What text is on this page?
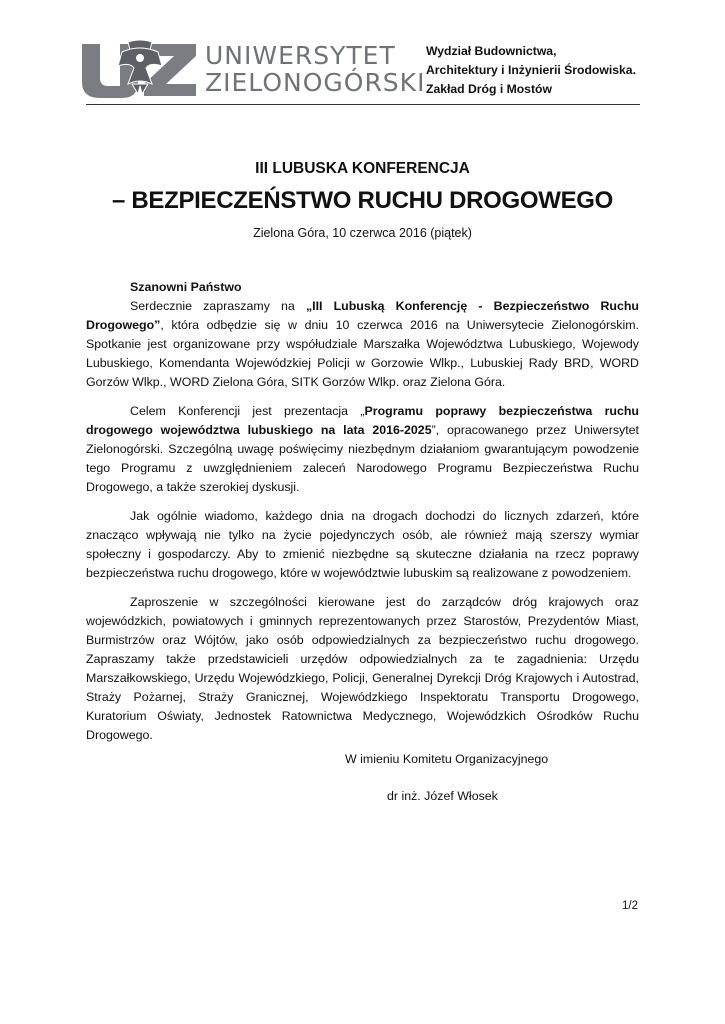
UNIWERSYTET
ZIELONOGÓRSKI
Wydział Budownictwa,
Architektury i Inżynierii Środowiska.
Zakład Dróg i Mostów
III LUBUSKA KONFERENCJA
– BEZPIECZEŃSTWO RUCHU DROGOWEGO
Zielona Góra, 10 czerwca 2016 (piątek)
Szanowni Państwo

Serdecznie zapraszamy na „III Lubuską Konferencję - Bezpieczeństwo Ruchu Drogowego”, która odbędzie się w dniu 10 czerwca 2016 na Uniwersytecie Zielonogórskim. Spotkanie jest organizowane przy współudziale Marszałka Województwa Lubuskiego, Wojewody Lubuskiego, Komendanta Wojewódzkiej Policji w Gorzowie Wlkp., Lubuskiej Rady BRD, WORD Gorzów Wlkp., WORD Zielona Góra, SITK Gorzów Wlkp. oraz Zielona Góra.

Celem Konferencji jest prezentacja „Programu poprawy bezpieczeństwa ruchu drogowego województwa lubuskiego na lata 2016-2025”, opracowanego przez Uniwersytet Zielonogórski. Szczególną uwagę poświęcimy niezbędnym działaniom gwarantującym powodzenie tego Programu z uwzględnieniem zaleceń Narodowego Programu Bezpieczeństwa Ruchu Drogowego, a także szerokiej dyskusji.

Jak ogólnie wiadomo, każdego dnia na drogach dochodzi do licznych zdarzeń, które znacząco wpływają nie tylko na życie pojedynczych osób, ale również mają szerszy wymiar społeczny i gospodarczy. Aby to zmienić niezbędne są skuteczne działania na rzecz poprawy bezpieczeństwa ruchu drogowego, które w województwie lubuskim są realizowane z powodzeniem.

Zaproszenie w szczególności kierowane jest do zarządców dróg krajowych oraz wojewódzkich, powiatowych i gminnych reprezentowanych przez Starostów, Prezydentów Miast, Burmistrzów oraz Wójtów, jako osób odpowiedzialnych za bezpieczeństwo ruchu drogowego. Zapraszamy także przedstawicieli urzędów odpowiedzialnych za te zagadnienia: Urzędu Marszałkowskiego, Urzędu Wojewódzkiego, Policji, Generalnej Dyrekcji Dróg Krajowych i Autostrad, Straży Pożarnej, Straży Granicznej, Wojewódzkiego Inspektoratu Transportu Drogowego, Kuratorium Oświaty, Jednostek Ratownictwa Medycznego, Wojewódzkich Ośrodków Ruchu Drogowego.

W imieniu Komitetu Organizacyjnego
dr inż. Józef Włosek
1/2
